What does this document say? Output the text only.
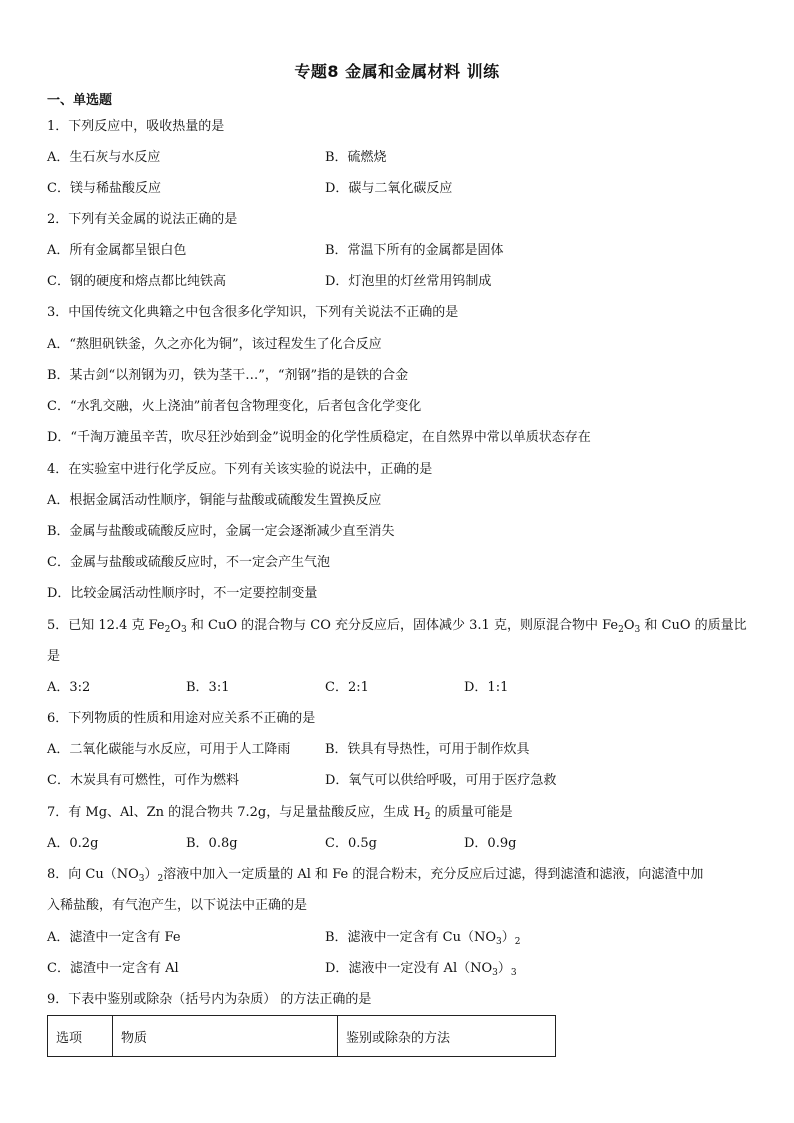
专题8 金属和金属材料 训练
一、单选题
1．下列反应中，吸收热量的是
A．生石灰与水反应	B．硫燃烧
C．镁与稀盐酸反应	D．碳与二氧化碳反应
2．下列有关金属的说法正确的是
A．所有金属都呈银白色	B．常温下所有的金属都是固体
C．钢的硬度和熔点都比纯铁高	D．灯泡里的灯丝常用钨制成
3．中国传统文化典籍之中包含很多化学知识，下列有关说法不正确的是
A．“熬胆矾铁釜，久之亦化为铜”，该过程发生了化合反应
B．某古剑“以剂钢为刃，铁为茎干…”，“剂钢”指的是铁的合金
C．“水乳交融，火上浇油”前者包含物理变化，后者包含化学变化
D．“千淘万漉虽辛苦，吹尽狂沙始到金”说明金的化学性质稳定，在自然界中常以单质状态存在
4．在实验室中进行化学反应。下列有关该实验的说法中，正确的是
A．根据金属活动性顺序，铜能与盐酸或硫酸发生置换反应
B．金属与盐酸或硫酸反应时，金属一定会逐渐减少直至消失
C．金属与盐酸或硫酸反应时，不一定会产生气泡
D．比较金属活动性顺序时，不一定要控制变量
5．已知 12.4 克 $Fe_2O_3$ 和 CuO 的混合物与 CO 充分反应后，固体减少 3.1 克，则原混合物中 $Fe_2O_3$ 和 CuO 的质量比
是
A．3:2	B．3:1	C．2:1	D．1:1
6．下列物质的性质和用途对应关系不正确的是
A．二氧化碳能与水反应，可用于人工降雨	B．铁具有导热性，可用于制作炊具
C．木炭具有可燃性，可作为燃料	D．氧气可以供给呼吸，可用于医疗急救
7．有 Mg、Al、Zn 的混合物共 7.2g，与足量盐酸反应，生成 $H_2$ 的质量可能是
A．0.2g	B．0.8g	C．0.5g	D．0.9g
8．向 $Cu(NO_3)_2$溶液中加入一定质量的 Al 和 Fe 的混合粉末，充分反应后过滤，得到滤渣和滤液，向滤渣中加
入稀盐酸，有气泡产生，以下说法中正确的是
A．滤渣中一定含有 Fe	B．滤液中一定含有 $Cu(NO_3)_2$
C．滤渣中一定含有 Al	D．滤液中一定没有 $Al(NO_3)_3$
9．下表中鉴别或除杂（括号内为杂质） 的方法正确的是
选项	物质	鉴别或除杂的方法
